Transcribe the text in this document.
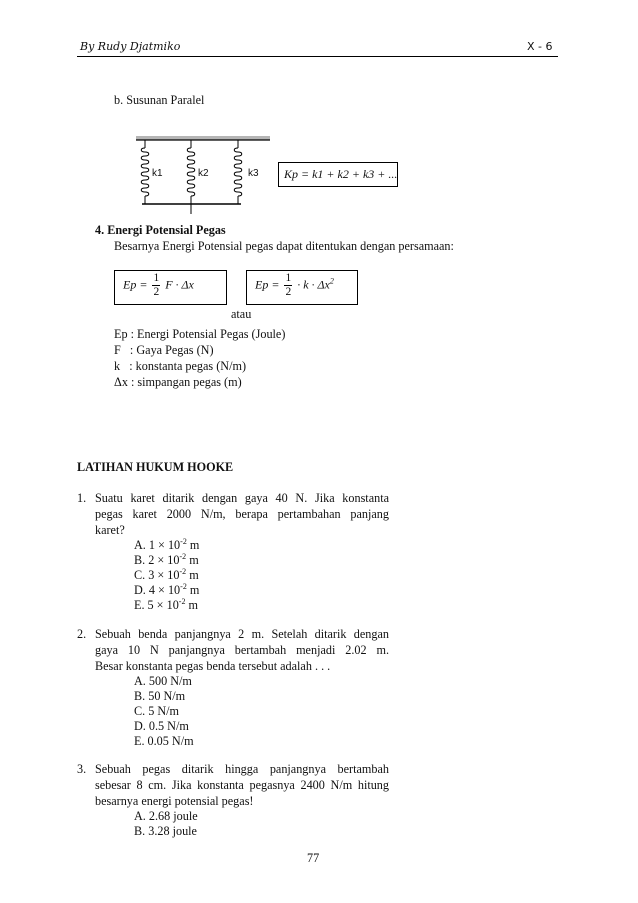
By Rudy Djatmiko	X - 6
b. Susunan Paralel
k1	k2	k3 Kp = k1 + k2 + k3 + ...
4. Energi Potensial Pegas
Besarnya Energi Potensial pegas dapat ditentukan dengan persamaan:
$Ep = \frac{1}{2}$ F · Δx
atau
$Ep = \frac{1}{2} \cdot k \cdot \Delta x^2$
Ep : Energi Potensial Pegas (Joule)
F   : Gaya Pegas (N)
k   : konstanta pegas (N/m)
Δx : simpangan pegas (m)
LATIHAN HUKUM HOOKE
1. Suatu karet ditarik dengan gaya 40 N. Jika konstanta
pegas karet 2000 N/m, berapa pertambahan panjang
karet?
A. $1 \times 10^{-2}$ m
B. $2 \times 10^{-2}$ m
C. $3 \times 10^{-2}$ m
D. $4 \times 10^{-2}$ m
E. $5 \times 10^{-2}$ m
2. Sebuah benda panjangnya 2 m. Setelah ditarik dengan
gaya 10 N panjangnya bertambah menjadi 2.02 m.
Besar konstanta pegas benda tersebut adalah . . .
A. 500 N/m
B. 50 N/m
C. 5 N/m
D. 0.5 N/m
E. 0.05 N/m
3. Sebuah pegas ditarik hingga panjangnya bertambah
sebesar 8 cm. Jika konstanta pegasnya 2400 N/m hitung
besarnya energi potensial pegas!
A. 2.68 joule
B. 3.28 joule
77
